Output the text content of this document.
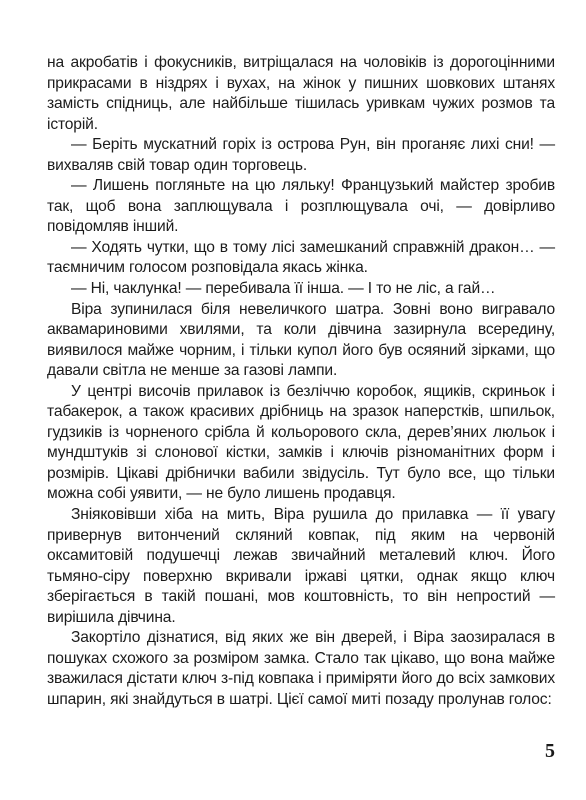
на акробатів і фокусників, витріщалася на чоловіків із дорогоцінними прикрасами в ніздрях і вухах, на жінок у пишних шовкових штанях замість спідниць, але найбільше тішилась уривкам чужих розмов та історій.

— Беріть мускатний горіх із острова Рун, він проганяє лихі сни! — вихваляв свій товар один торговець.

— Лишень погляньте на цю ляльку! Французький майстер зробив так, щоб вона заплющувала і розплющувала очі, — довірливо повідомляв інший.

— Ходять чутки, що в тому лісі замешканий справжній дракон… — таємничим голосом розповідала якась жінка.

— Ні, чаклунка! — перебивала її інша. — І то не ліс, а гай…

Віра зупинилася біля невеличкого шатра. Зовні воно вигравало аквамариновими хвилями, та коли дівчина зазирнула всередину, виявилося майже чорним, і тільки купол його був осяяний зірками, що давали світла не менше за газові лампи.

У центрі височів прилавок із безліччю коробок, ящиків, скриньок і табакерок, а також красивих дрібниць на зразок наперстків, шпильок, гудзиків із чорненого срібла й кольорового скла, дерев’яних люльок і мундштуків зі слонової кістки, замків і ключів різноманітних форм і розмірів. Цікаві дрібнички вабили звідусіль. Тут було все, що тільки можна собі уявити, — не було лишень продавця.

Зніяковівши хіба на мить, Віра рушила до прилавка — її увагу привернув витончений скляний ковпак, під яким на червоній оксамитовій подушечці лежав звичайний металевий ключ. Його тьмяно-сіру поверхню вкривали іржаві цятки, однак якщо ключ зберігається в такій пошані, мов коштовність, то він непростий — вирішила дівчина.

Закортіло дізнатися, від яких же він дверей, і Віра заозиралася в пошуках схожого за розміром замка. Стало так цікаво, що вона майже зважилася дістати ключ з-під ковпака і приміряти його до всіх замкових шпарин, які знайдуться в шатрі. Цієї самої миті позаду пролунав голос:

5
